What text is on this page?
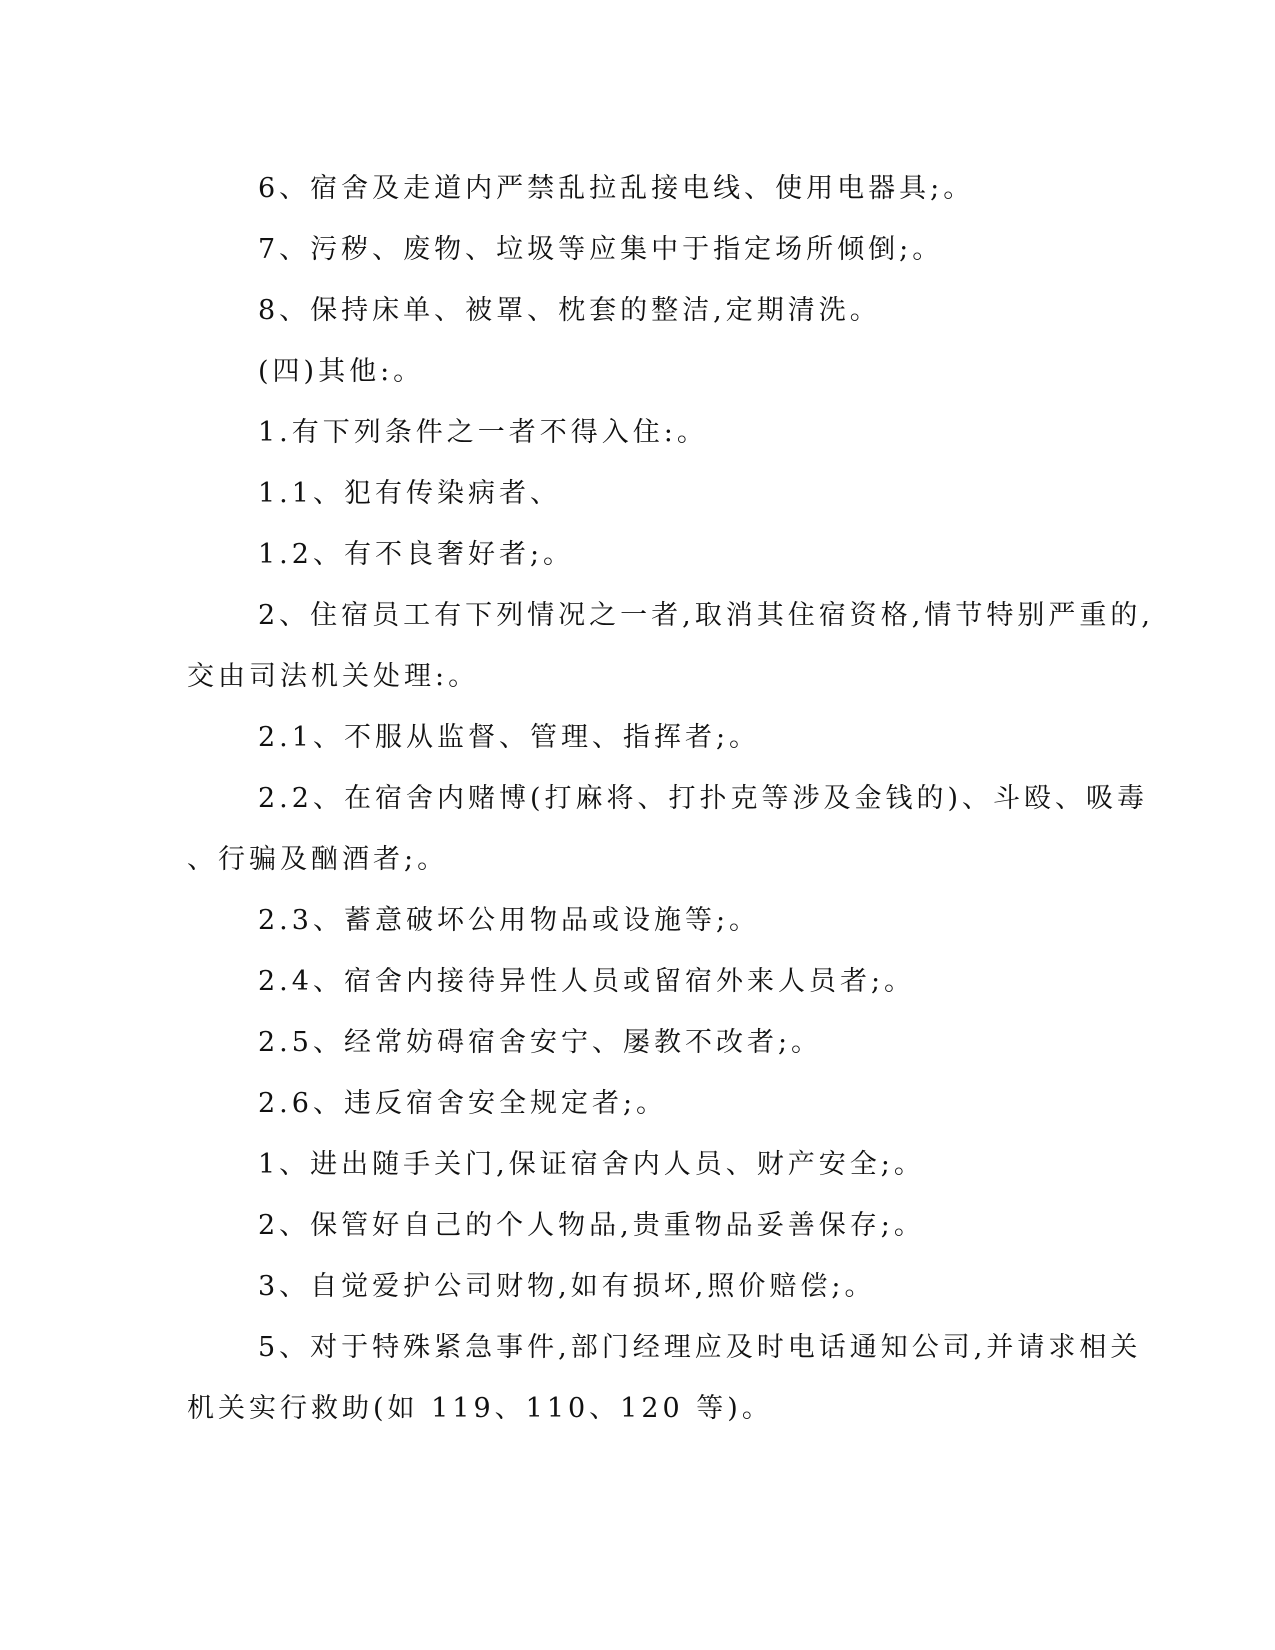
6、宿舍及走道内严禁乱拉乱接电线、使用电器具;。
7、污秽、废物、垃圾等应集中于指定场所倾倒;。
8、保持床单、被罩、枕套的整洁,定期清洗。
(四)其他:。
1.有下列条件之一者不得入住:。
1.1、犯有传染病者、
1.2、有不良奢好者;。
2、住宿员工有下列情况之一者,取消其住宿资格,情节特别严重的,
交由司法机关处理:。
2.1、不服从监督、管理、指挥者;。
2.2、在宿舍内赌博(打麻将、打扑克等涉及金钱的)、斗殴、吸毒
、行骗及酗酒者;。
2.3、蓄意破坏公用物品或设施等;。
2.4、宿舍内接待异性人员或留宿外来人员者;。
2.5、经常妨碍宿舍安宁、屡教不改者;。
2.6、违反宿舍安全规定者;。
1、进出随手关门,保证宿舍内人员、财产安全;。
2、保管好自己的个人物品,贵重物品妥善保存;。
3、自觉爱护公司财物,如有损坏,照价赔偿;。
5、对于特殊紧急事件,部门经理应及时电话通知公司,并请求相关
机关实行救助(如 119、110、120 等)。
